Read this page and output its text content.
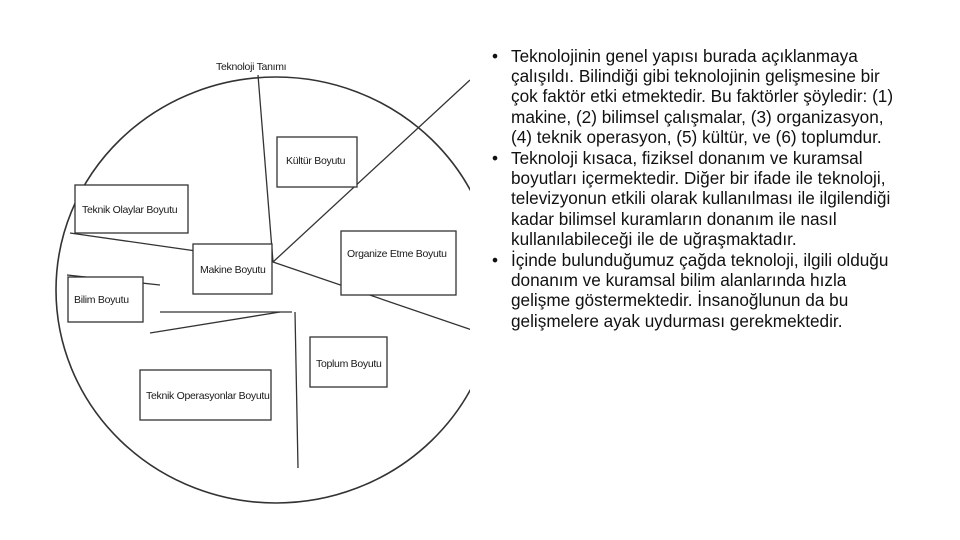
Teknoloji Tanımı
Kültür Boyutu
Teknik Olaylar Boyutu
Organize Etme Boyutu
Makine Boyutu
Bilim Boyutu
Toplum Boyutu
Teknik Operasyonlar Boyutu
• Teknolojinin genel yapısı burada açıklanmaya çalışıldı. Bilindiği gibi teknolojinin gelişmesine bir çok faktör etki etmektedir. Bu faktörler şöyledir: (1) makine, (2) bilimsel çalışmalar, (3) organizasyon, (4) teknik operasyon, (5) kültür, ve (6) toplumdur.
• Teknoloji kısaca, fiziksel donanım ve kuramsal boyutları içermektedir. Diğer bir ifade ile teknoloji, televizyonun etkili olarak kullanılması ile ilgilendiği kadar bilimsel kuramların donanım ile nasıl kullanılabileceği ile de uğraşmaktadır.
• İçinde bulunduğumuz çağda teknoloji, ilgili olduğu donanım ve kuramsal bilim alanlarında hızla gelişme göstermektedir. İnsanoğlunun da bu gelişmelere ayak uydurması gerekmektedir.
